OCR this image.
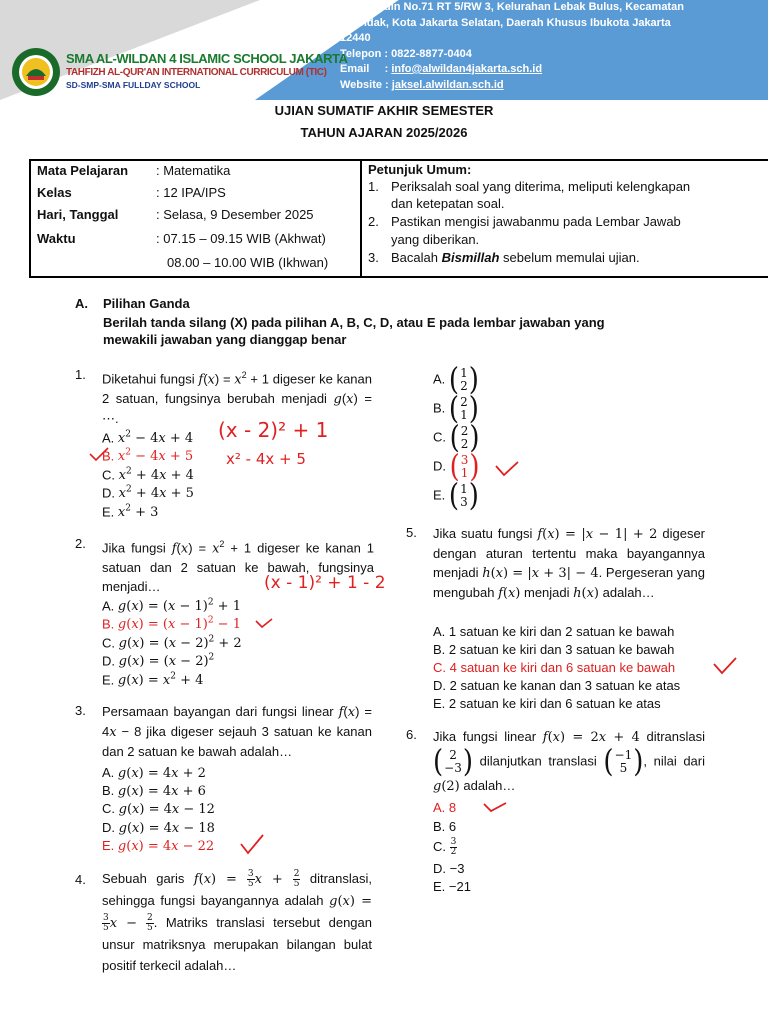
Jl. H. Nudin No.71 RT 5/RW 3, Kelurahan Lebak Bulus, Kecamatan
Cilandak, Kota Jakarta Selatan, Daerah Khusus Ibukota Jakarta
12440
Telepon : 0822-8877-0404
Email     : info@alwildan4jakarta.sch.id
Website : jaksel.alwildan.sch.id
SMA AL-WILDAN 4 ISLAMIC SCHOOL JAKARTA
TAHFIZH AL-QUR'AN INTERNATIONAL CURRICULUM (TIC)
SD-SMP-SMA FULLDAY SCHOOL
UJIAN SUMATIF AKHIR SEMESTER
TAHUN AJARAN 2025/2026
Mata Pelajaran
Kelas
Hari, Tanggal
Waktu
: Matematika
: 12 IPA/IPS
: Selasa, 9 Desember 2025
: 07.15 – 09.15 WIB (Akhwat)
08.00 – 10.00 WIB (Ikhwan)
Petunjuk Umum:
1. Periksalah soal yang diterima, meliputi kelengkapan
dan ketepatan soal.
2. Pastikan mengisi jawabanmu pada Lembar Jawab
yang diberikan.
3. Bacalah Bismillah sebelum memulai ujian.
A. Pilihan Ganda
Berilah tanda silang (X) pada pilihan A, B, C, D, atau E pada lembar jawaban yang
mewakili jawaban yang dianggap benar
1. Diketahui fungsi $f(x) = x^2 + 1$ digeser ke kanan 2 satuan, fungsinya berubah menjadi g(x) = ⋯.
A. $x^2 - 4x + 4$
B. $x^2 - 4x + 5$
C. $x^2 + 4x + 4$
D. $x^2 + 4x + 5$
E. $x^2 + 3$
(x - 2)² + 1
x² - 4x + 5
2. Jika fungsi $f(x) = x^2 + 1$ digeser ke kanan 1 satuan dan 2 satuan ke bawah, fungsinya menjadi…	(x - 1)² + 1 - 2
A. $g(x) = (x - 1)^2 + 1$
B. $g(x) = (x - 1)^2 - 1$
C. $g(x) = (x - 2)^2 + 2$
D. $g(x) = (x - 2)^2$
E. $g(x) = x^2 + 4$
3. Persamaan bayangan dari fungsi linear f(x) = 4x − 8 jika digeser sejauh 3 satuan ke kanan dan 2 satuan ke bawah adalah…
A. g(x) = 4x + 2
B. g(x) = 4x + 6
C. g(x) = 4x − 12
D. g(x) = 4x − 18
E. g(x) = 4x − 22
4. Sebuah garis $f(x) = \frac{3}{5}$ $x + \frac{2}{5}$ ditranslasi, sehingga fungsi bayangannya adalah g(x) =
$\frac{3}{5}$ $x - \frac{2}{5}$ . Matriks translasi tersebut dengan unsur matriksnya merupakan bilangan bulat positif terkecil adalah…
A. ( 1
2 )
B. ( 2
1 )
C. ( 2
2 )
D. ( 3
1 )
E. ( 1
3 )
5. Jika suatu fungsi f(x) = |x − 1| + 2 digeser dengan aturan tertentu maka bayangannya menjadi h(x) = |x + 3| − 4. Pergeseran yang mengubah f(x) menjadi h(x) adalah…
A. 1 satuan ke kiri dan 2 satuan ke bawah
B. 2 satuan ke kiri dan 3 satuan ke bawah
C. 4 satuan ke kiri dan 6 satuan ke bawah
D. 2 satuan ke kanan dan 3 satuan ke atas
E. 2 satuan ke kiri dan 6 satuan ke atas
6. Jika fungsi linear f(x) = 2x + 4 ditranslasi
( 2
−3 ) dilanjutkan translasi ( −1
5 ) , nilai dari g(2) adalah…
A. 8
B. 6
C. $\frac{3}{2}$
D. −3
E. −21
